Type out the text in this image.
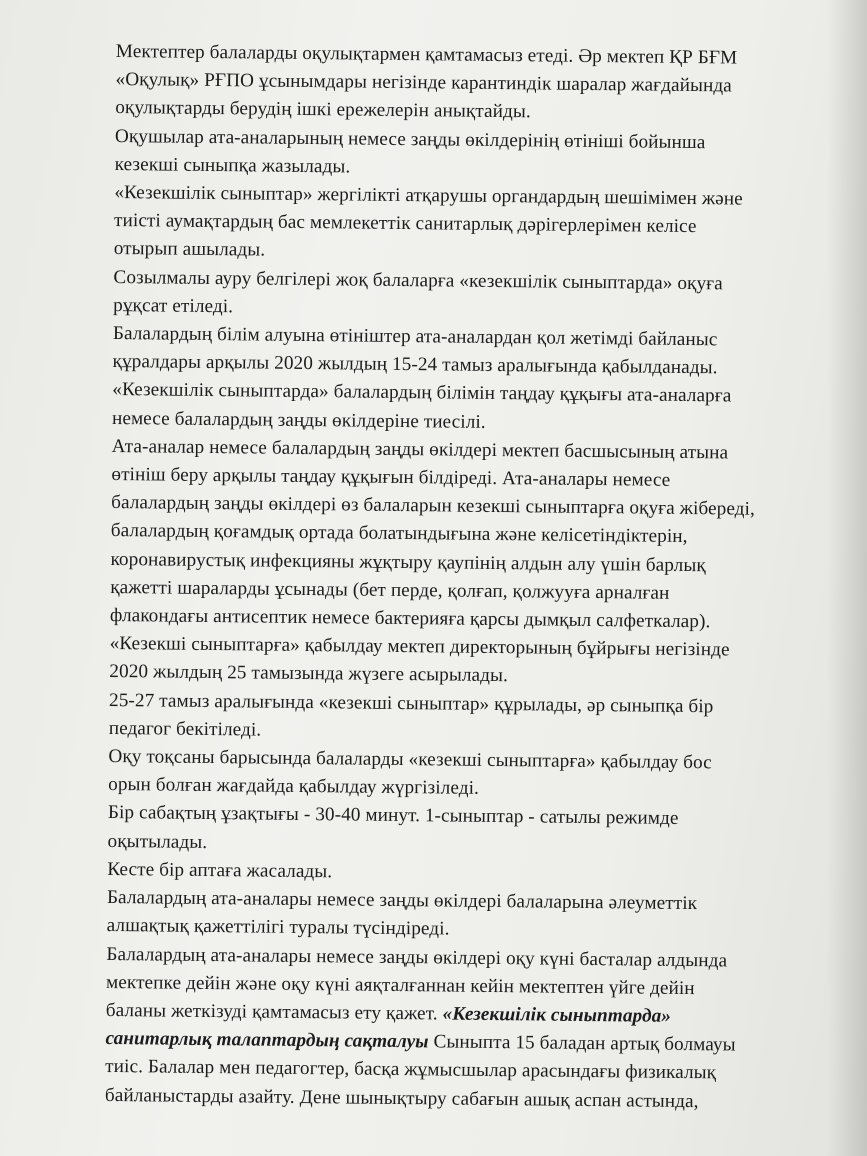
Мектептер балаларды оқулықтармен қамтамасыз етеді. Әр мектеп ҚР БҒМ
«Оқулық» РҒПО ұсынымдары негізінде карантиндік шаралар жағдайында
оқулықтарды берудің ішкі ережелерін анықтайды.
Оқушылар ата-аналарының немесе заңды өкілдерінің өтініші бойынша
кезекші сыныпқа жазылады.
«Кезекшілік сыныптар» жергілікті атқарушы органдардың шешімімен және
тиісті аумақтардың бас мемлекеттік санитарлық дәрігерлерімен келісе
отырып ашылады.
Созылмалы ауру белгілері жоқ балаларға «кезекшілік сыныптарда» оқуға
рұқсат етіледі.
Балалардың білім алуына өтініштер ата-аналардан қол жетімді байланыс
құралдары арқылы 2020 жылдың 15-24 тамыз аралығында қабылданады.
«Кезекшілік сыныптарда» балалардың білімін таңдау құқығы ата-аналарға
немесе балалардың заңды өкілдеріне тиесілі.
Ата-аналар немесе балалардың заңды өкілдері мектеп басшысының атына
өтініш беру арқылы таңдау құқығын білдіреді. Ата-аналары немесе
балалардың заңды өкілдері өз балаларын кезекші сыныптарға оқуға жібереді,
балалардың қоғамдық ортада болатындығына және келісетіндіктерін,
коронавирустық инфекцияны жұқтыру қаупінің алдын алу үшін барлық
қажетті шараларды ұсынады (бет перде, қолғап, қолжууға арналған
флакондағы антисептик немесе бактерияға қарсы дымқыл салфеткалар).
«Кезекші сыныптарға» қабылдау мектеп директорының бұйрығы негізінде
2020 жылдың 25 тамызында жүзеге асырылады.
25-27 тамыз аралығында «кезекші сыныптар» құрылады, әр сыныпқа бір
педагог бекітіледі.
Оқу тоқсаны барысында балаларды «кезекші сыныптарға» қабылдау бос
орын болған жағдайда қабылдау жүргізіледі.
Бір сабақтың ұзақтығы - 30-40 минут. 1-сыныптар - сатылы режимде
оқытылады.
Кесте бір аптаға жасалады.
Балалардың ата-аналары немесе заңды өкілдері балаларына әлеуметтік
алшақтық қажеттілігі туралы түсіндіреді.
Балалардың ата-аналары немесе заңды өкілдері оқу күні басталар алдында
мектепке дейін және оқу күні аяқталғаннан кейін мектептен үйге дейін
баланы жеткізуді қамтамасыз ету қажет. «Кезекшілік сыныптарда»
санитарлық талаптардың сақталуы Сыныпта 15 баладан артық болмауы
тиіс. Балалар мен педагогтер, басқа жұмысшылар арасындағы физикалық
байланыстарды азайту. Дене шынықтыру сабағын ашық аспан астында,
